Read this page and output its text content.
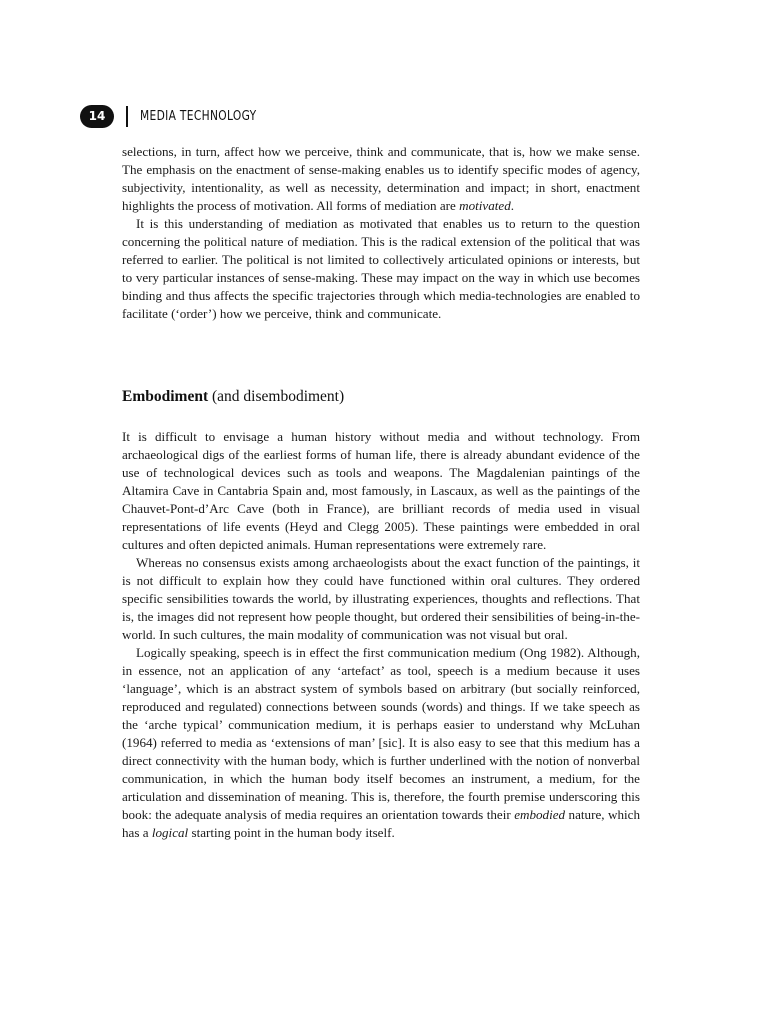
14	MEDIA TECHNOLOGY

selections, in turn, affect how we perceive, think and communicate, that is, how we make sense. The emphasis on the enactment of sense-making enables us to identify specific modes of agency, subjectivity, intentionality, as well as necessity, determination and impact; in short, enactment highlights the process of motivation. All forms of mediation are motivated.

It is this understanding of mediation as motivated that enables us to return to the question concerning the political nature of mediation. This is the radical extension of the political that was referred to earlier. The political is not limited to collectively articulated opinions or interests, but to very particular instances of sense-making. These may impact on the way in which use becomes binding and thus affects the specific trajectories through which media-technologies are enabled to facilitate (‘order’) how we perceive, think and communicate.

Embodiment (and disembodiment)

It is difficult to envisage a human history without media and without technology. From archaeological digs of the earliest forms of human life, there is already abundant evidence of the use of technological devices such as tools and weapons. The Magdalenian paintings of the Altamira Cave in Cantabria Spain and, most famously, in Lascaux, as well as the paintings of the Chauvet-Pont-d’Arc Cave (both in France), are brilliant records of media used in visual representations of life events (Heyd and Clegg 2005). These paintings were embedded in oral cultures and often depicted animals. Human representations were extremely rare.

Whereas no consensus exists among archaeologists about the exact function of the paintings, it is not difficult to explain how they could have functioned within oral cultures. They ordered specific sensibilities towards the world, by illustrating experiences, thoughts and reflections. That is, the images did not represent how people thought, but ordered their sensibilities of being-in-the-world. In such cultures, the main modality of communication was not visual but oral.

Logically speaking, speech is in effect the first communication medium (Ong 1982). Although, in essence, not an application of any ‘artefact’ as tool, speech is a medium because it uses ‘language’, which is an abstract system of symbols based on arbitrary (but socially reinforced, reproduced and regulated) connections between sounds (words) and things. If we take speech as the ‘arche typical’ communication medium, it is perhaps easier to understand why McLuhan (1964) referred to media as ‘extensions of man’ [sic]. It is also easy to see that this medium has a direct connectivity with the human body, which is further underlined with the notion of nonverbal communication, in which the human body itself becomes an instrument, a medium, for the articulation and dissemination of meaning. This is, therefore, the fourth premise underscoring this book: the adequate analysis of media requires an orientation towards their embodied nature, which has a logical starting point in the human body itself.
